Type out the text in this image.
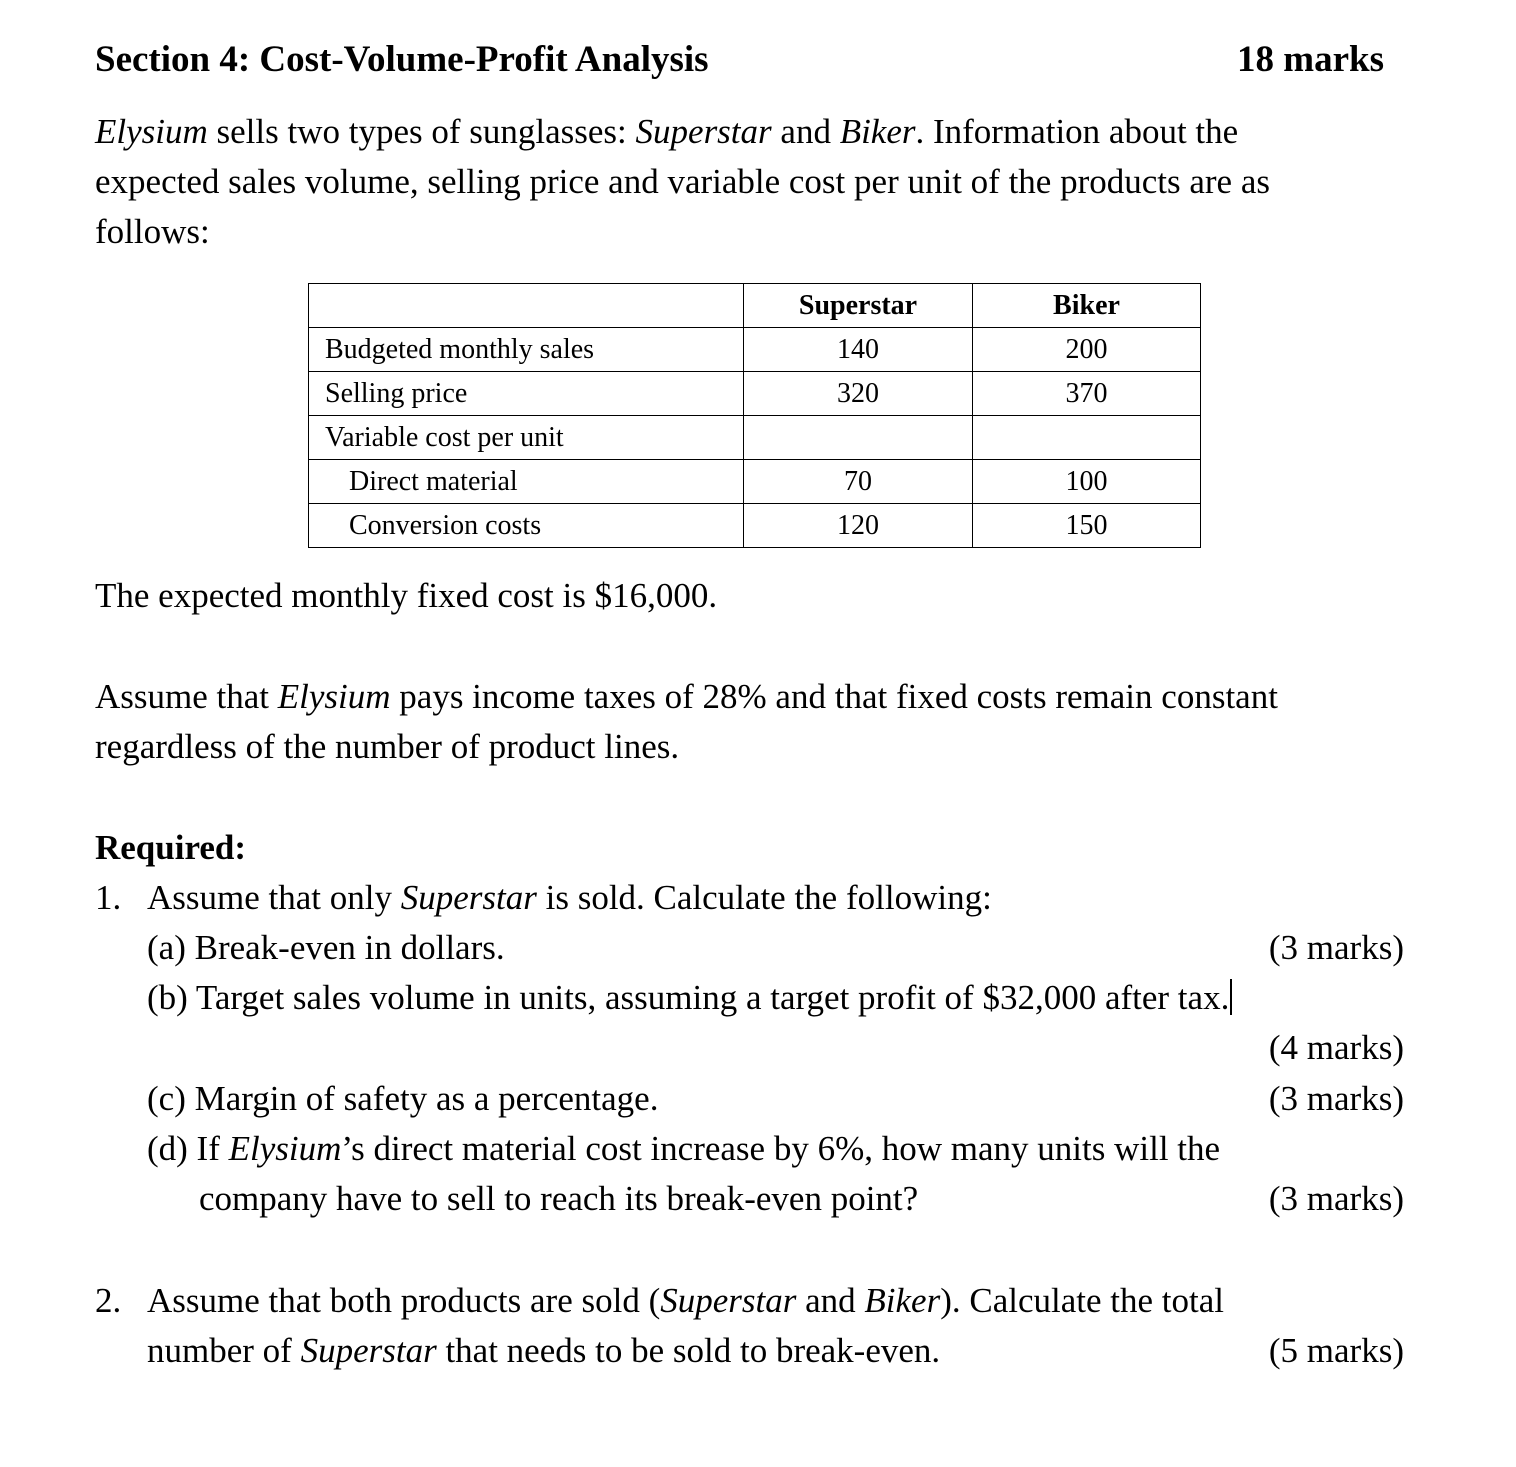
Section 4: Cost-Volume-Profit Analysis	18 marks
Elysium sells two types of sunglasses: Superstar and Biker. Information about the
expected sales volume, selling price and variable cost per unit of the products are as
follows:
	Superstar	Biker
Budgeted monthly sales	140	200
Selling price	320	370
Variable cost per unit		
Direct material	70	100
Conversion costs	120	150
The expected monthly fixed cost is $16,000.
Assume that Elysium pays income taxes of 28% and that fixed costs remain constant
regardless of the number of product lines.
Required:
1. Assume that only Superstar is sold. Calculate the following:
(a) Break-even in dollars.	(3 marks)
(b) Target sales volume in units, assuming a target profit of $32,000 after tax.
(4 marks)
(c) Margin of safety as a percentage.	(3 marks)
(d) If Elysium’s direct material cost increase by 6%, how many units will the
company have to sell to reach its break-even point?	(3 marks)
2. Assume that both products are sold (Superstar and Biker). Calculate the total
number of Superstar that needs to be sold to break-even.	(5 marks)
